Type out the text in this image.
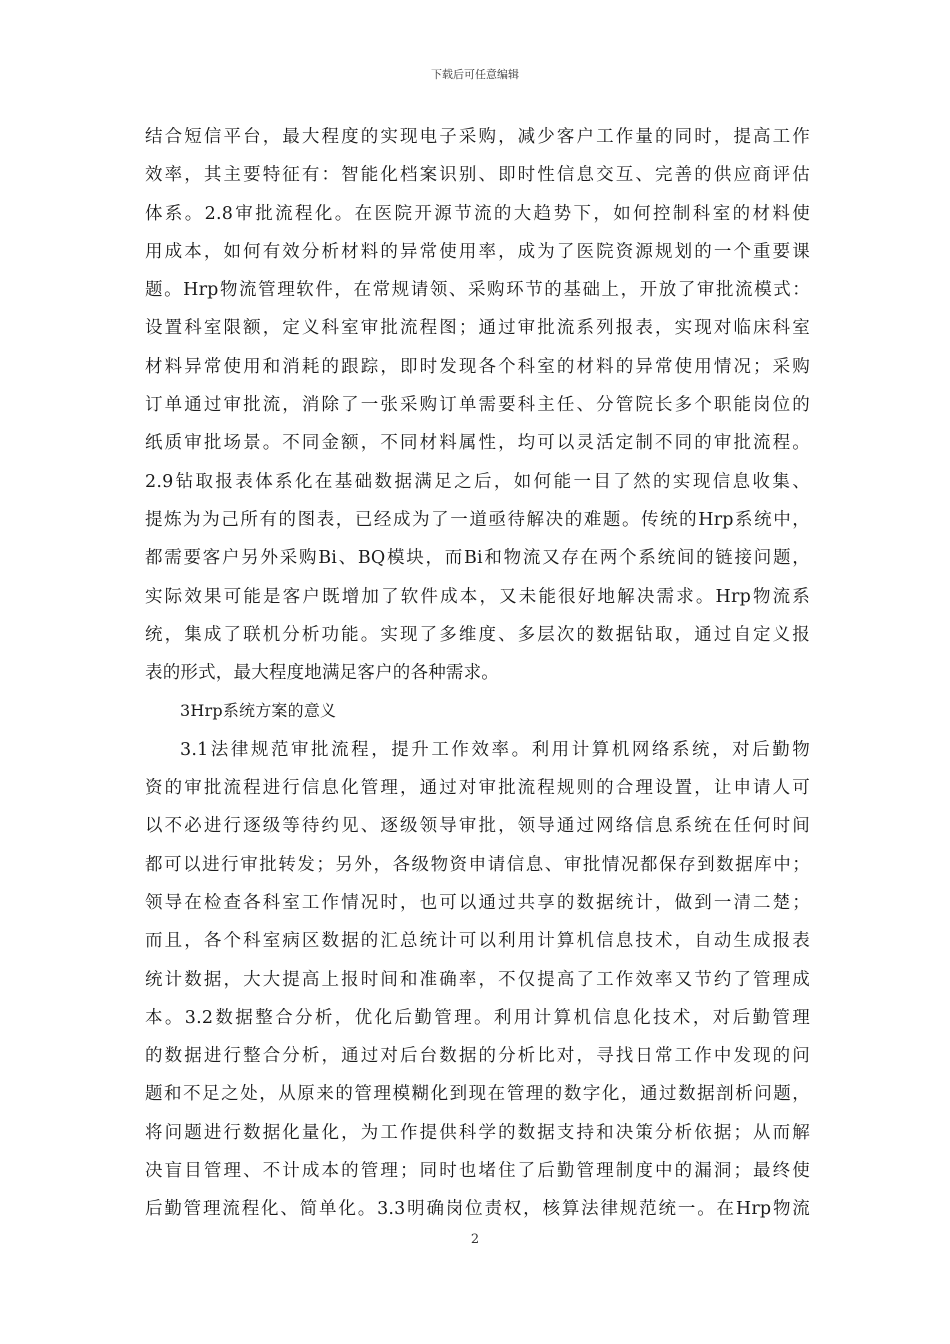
下载后可任意编辑
结合短信平台，最大程度的实现电子采购，减少客户工作量的同时，提高工作
效率，其主要特征有：智能化档案识别、即时性信息交互、完善的供应商评估
体系。2.8审批流程化。在医院开源节流的大趋势下，如何控制科室的材料使
用成本，如何有效分析材料的异常使用率，成为了医院资源规划的一个重要课
题。Hrp物流管理软件，在常规请领、采购环节的基础上，开放了审批流模式：
设置科室限额，定义科室审批流程图；通过审批流系列报表，实现对临床科室
材料异常使用和消耗的跟踪，即时发现各个科室的材料的异常使用情况；采购
订单通过审批流，消除了一张采购订单需要科主任、分管院长多个职能岗位的
纸质审批场景。不同金额，不同材料属性，均可以灵活定制不同的审批流程。
2.9钻取报表体系化在基础数据满足之后，如何能一目了然的实现信息收集、
提炼为为己所有的图表，已经成为了一道亟待解决的难题。传统的Hrp系统中，
都需要客户另外采购Bi、BQ模块，而Bi和物流又存在两个系统间的链接问题，
实际效果可能是客户既增加了软件成本，又未能很好地解决需求。Hrp物流系
统，集成了联机分析功能。实现了多维度、多层次的数据钻取，通过自定义报
表的形式，最大程度地满足客户的各种需求。
3Hrp系统方案的意义
3.1法律规范审批流程，提升工作效率。利用计算机网络系统，对后勤物
资的审批流程进行信息化管理，通过对审批流程规则的合理设置，让申请人可
以不必进行逐级等待约见、逐级领导审批，领导通过网络信息系统在任何时间
都可以进行审批转发；另外，各级物资申请信息、审批情况都保存到数据库中；
领导在检查各科室工作情况时，也可以通过共享的数据统计，做到一清二楚；
而且，各个科室病区数据的汇总统计可以利用计算机信息技术，自动生成报表
统计数据，大大提高上报时间和准确率，不仅提高了工作效率又节约了管理成
本。3.2数据整合分析，优化后勤管理。利用计算机信息化技术，对后勤管理
的数据进行整合分析，通过对后台数据的分析比对，寻找日常工作中发现的问
题和不足之处，从原来的管理模糊化到现在管理的数字化，通过数据剖析问题，
将问题进行数据化量化，为工作提供科学的数据支持和决策分析依据；从而解
决盲目管理、不计成本的管理；同时也堵住了后勤管理制度中的漏洞；最终使
后勤管理流程化、简单化。3.3明确岗位责权，核算法律规范统一。在Hrp物流
2
